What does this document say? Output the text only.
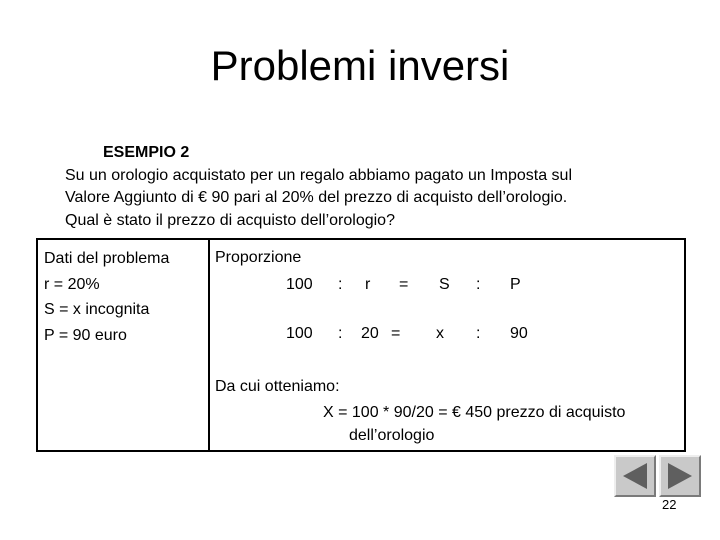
Problemi inversi
ESEMPIO 2
Su un orologio acquistato per un regalo abbiamo pagato un Imposta sul
Valore Aggiunto di € 90 pari al 20% del prezzo di acquisto dell’orologio.
Qual è stato il prezzo di acquisto dell’orologio?
Dati del problema
r = 20%
S = x incognita
P = 90 euro
Proporzione
100 : r = S : P
100 : 20 = x : 90
Da cui otteniamo:
X = 100 * 90/20 = € 450 prezzo di acquisto
dell’orologio
22
